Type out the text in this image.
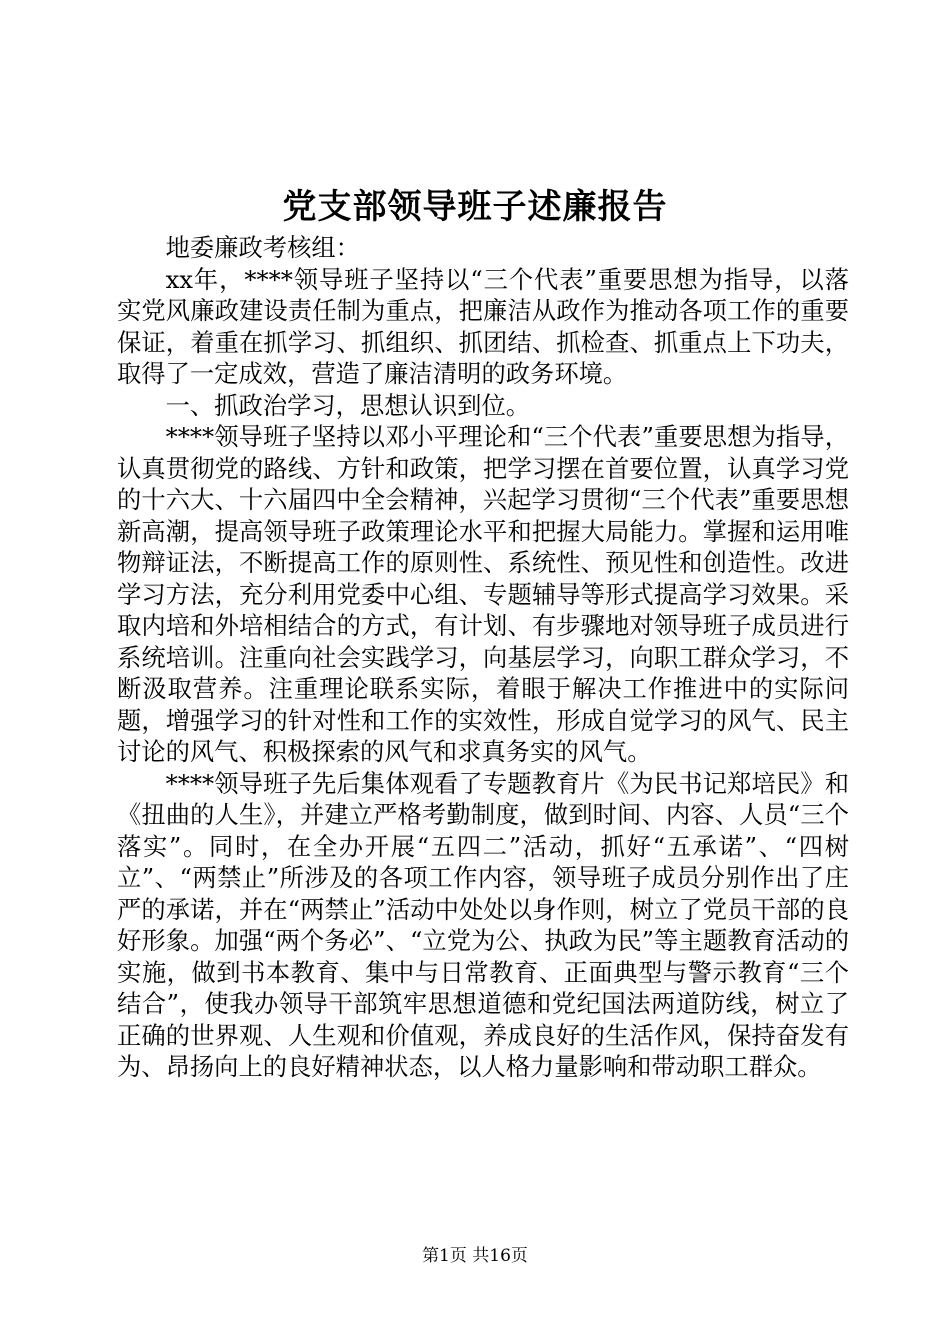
党支部领导班子述廉报告

地委廉政考核组：

xx年，****领导班子坚持以“三个代表”重要思想为指导，以落实党风廉政建设责任制为重点，把廉洁从政作为推动各项工作的重要保证，着重在抓学习、抓组织、抓团结、抓检查、抓重点上下功夫，取得了一定成效，营造了廉洁清明的政务环境。

一、抓政治学习，思想认识到位。

****领导班子坚持以邓小平理论和“三个代表”重要思想为指导，认真贯彻党的路线、方针和政策，把学习摆在首要位置，认真学习党的十六大、十六届四中全会精神，兴起学习贯彻“三个代表”重要思想新高潮，提高领导班子政策理论水平和把握大局能力。掌握和运用唯物辩证法，不断提高工作的原则性、系统性、预见性和创造性。改进学习方法，充分利用党委中心组、专题辅导等形式提高学习效果。采取内培和外培相结合的方式，有计划、有步骤地对领导班子成员进行系统培训。注重向社会实践学习，向基层学习，向职工群众学习，不断汲取营养。注重理论联系实际，着眼于解决工作推进中的实际问题，增强学习的针对性和工作的实效性，形成自觉学习的风气、民主讨论的风气、积极探索的风气和求真务实的风气。

****领导班子先后集体观看了专题教育片《为民书记郑培民》和《扭曲的人生》，并建立严格考勤制度，做到时间、内容、人员“三个落实”。同时，在全办开展“五四二”活动，抓好“五承诺”、“四树立”、“两禁止”所涉及的各项工作内容，领导班子成员分别作出了庄严的承诺，并在“两禁止”活动中处处以身作则，树立了党员干部的良好形象。加强“两个务必”、“立党为公、执政为民”等主题教育活动的实施，做到书本教育、集中与日常教育、正面典型与警示教育“三个结合”，使我办领导干部筑牢思想道德和党纪国法两道防线，树立了正确的世界观、人生观和价值观，养成良好的生活作风，保持奋发有为、昂扬向上的良好精神状态，以人格力量影响和带动职工群众。

第1页 共16页
